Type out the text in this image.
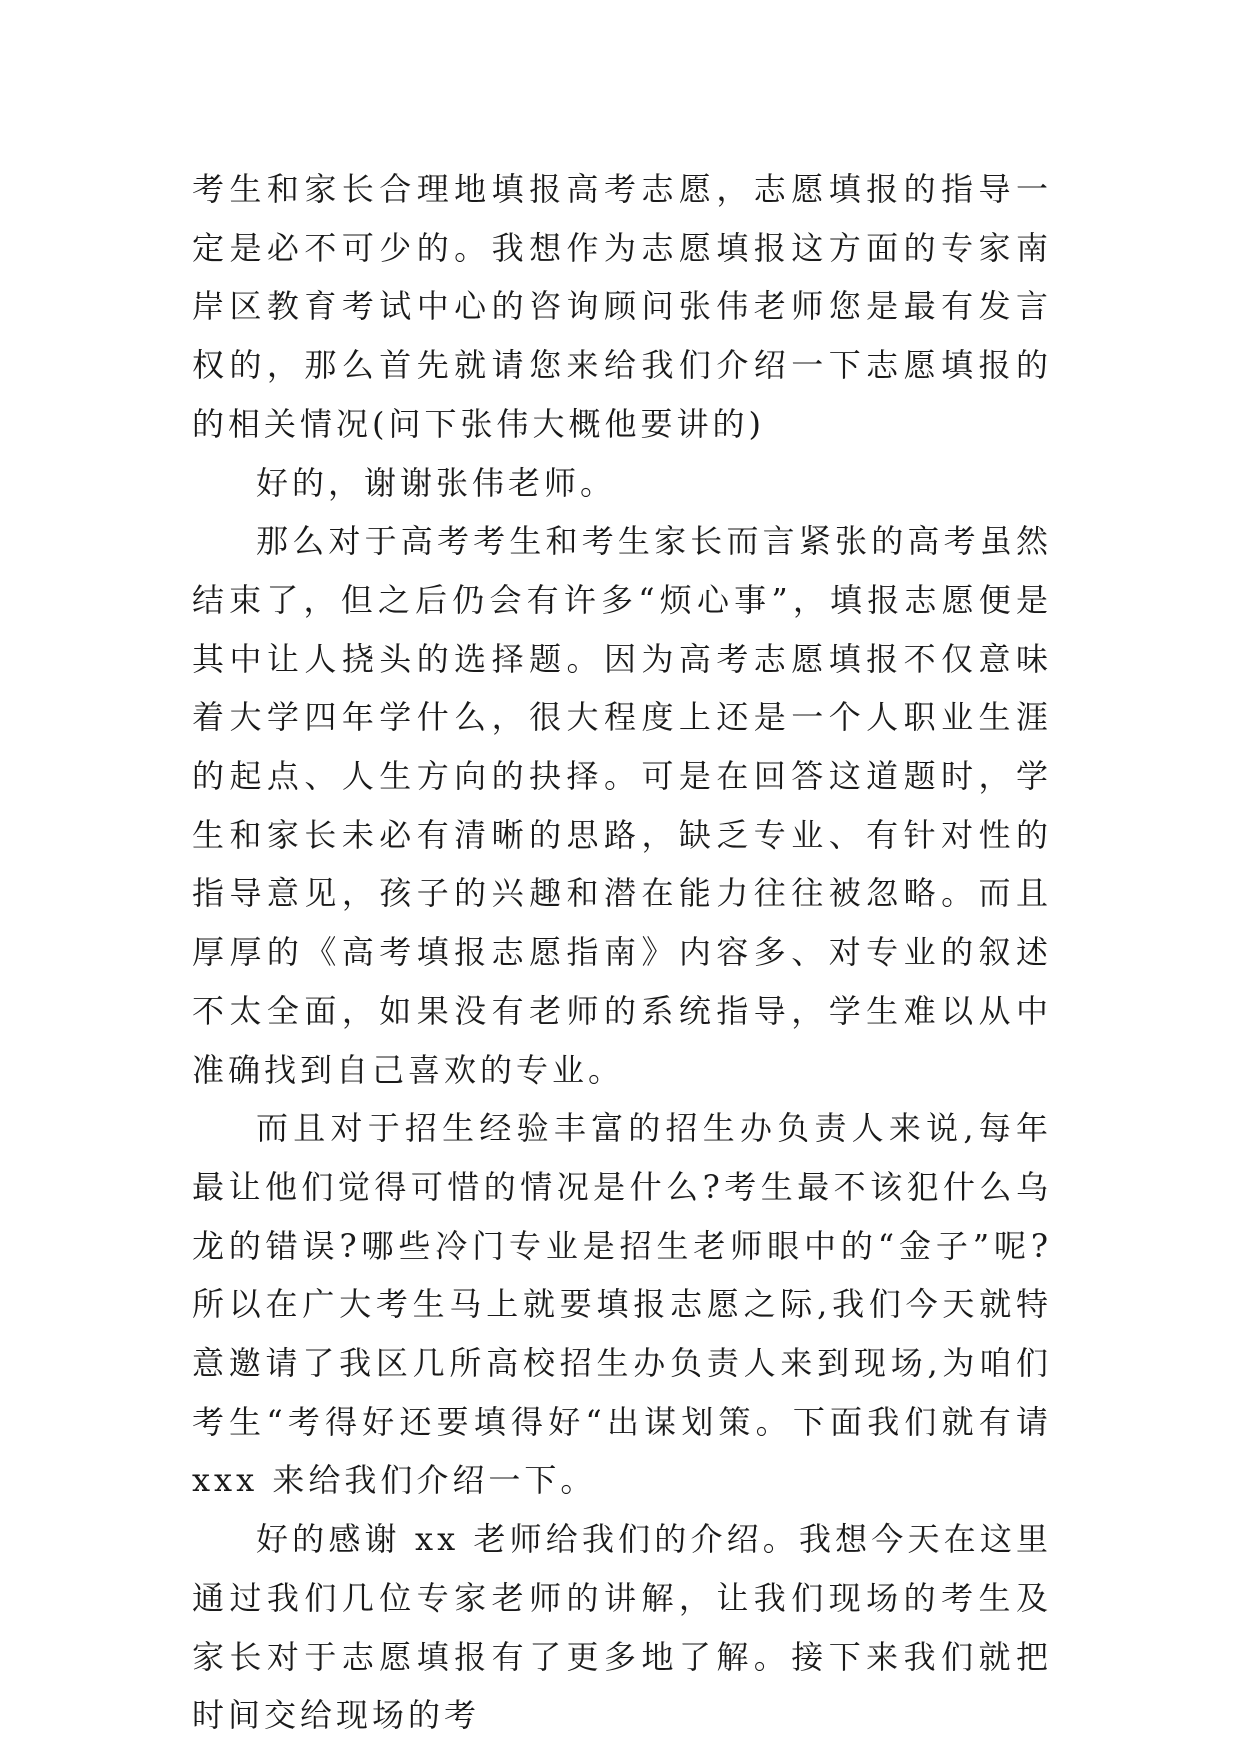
考生和家长合理地填报高考志愿，志愿填报的指导一定是必不可少的。我想作为志愿填报这方面的专家南岸区教育考试中心的咨询顾问张伟老师您是最有发言权的，那么首先就请您来给我们介绍一下志愿填报的的相关情况(问下张伟大概他要讲的)

好的，谢谢张伟老师。

那么对于高考考生和考生家长而言紧张的高考虽然结束了，但之后仍会有许多“烦心事”，填报志愿便是其中让人挠头的选择题。因为高考志愿填报不仅意味着大学四年学什么，很大程度上还是一个人职业生涯的起点、人生方向的抉择。可是在回答这道题时，学生和家长未必有清晰的思路，缺乏专业、有针对性的指导意见，孩子的兴趣和潜在能力往往被忽略。而且厚厚的《高考填报志愿指南》内容多、对专业的叙述不太全面，如果没有老师的系统指导，学生难以从中准确找到自己喜欢的专业。

而且对于招生经验丰富的招生办负责人来说,每年最让他们觉得可惜的情况是什么?考生最不该犯什么乌龙的错误?哪些冷门专业是招生老师眼中的“金子”呢?所以在广大考生马上就要填报志愿之际,我们今天就特意邀请了我区几所高校招生办负责人来到现场,为咱们考生“考得好还要填得好“出谋划策。下面我们就有请 xxx 来给我们介绍一下。

好的感谢 xx 老师给我们的介绍。我想今天在这里通过我们几位专家老师的讲解，让我们现场的考生及家长对于志愿填报有了更多地了解。接下来我们就把时间交给现场的考
